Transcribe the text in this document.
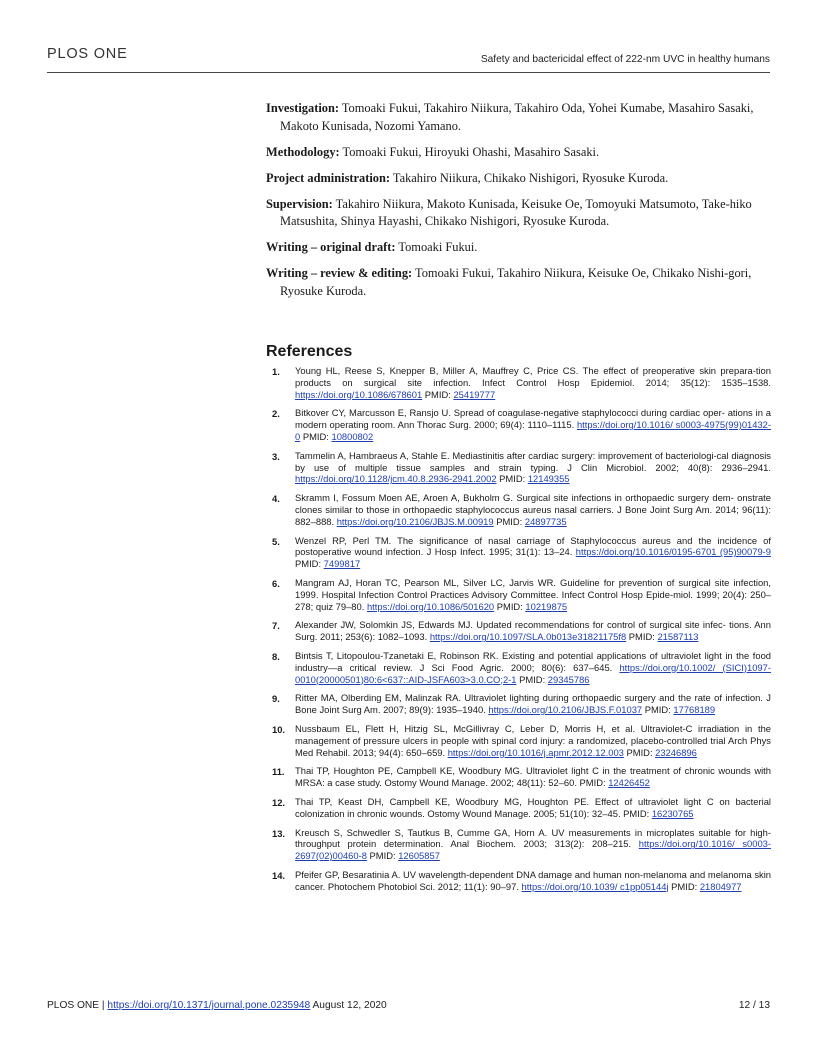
PLOS ONE	Safety and bactericidal effect of 222-nm UVC in healthy humans

Investigation: Tomoaki Fukui, Takahiro Niikura, Takahiro Oda, Yohei Kumabe, Masahiro Sasaki, Makoto Kunisada, Nozomi Yamano.

Methodology: Tomoaki Fukui, Hiroyuki Ohashi, Masahiro Sasaki.

Project administration: Takahiro Niikura, Chikako Nishigori, Ryosuke Kuroda.

Supervision: Takahiro Niikura, Makoto Kunisada, Keisuke Oe, Tomoyuki Matsumoto, Take-hiko Matsushita, Shinya Hayashi, Chikako Nishigori, Ryosuke Kuroda.

Writing – original draft: Tomoaki Fukui.

Writing – review & editing: Tomoaki Fukui, Takahiro Niikura, Keisuke Oe, Chikako Nishi-gori, Ryosuke Kuroda.

References
1.	Young HL, Reese S, Knepper B, Miller A, Mauffrey C, Price CS. The effect of preoperative skin prepara-tion products on surgical site infection. Infect Control Hosp Epidemiol. 2014; 35(12): 1535–1538. https://doi.org/10.1086/678601 PMID: 25419777
2.	Bitkover CY, Marcusson E, Ransjo U. Spread of coagulase-negative staphylococci during cardiac oper- ations in a modern operating room. Ann Thorac Surg. 2000; 69(4): 1110–1115. https://doi.org/10.1016/ s0003-4975(99)01432-0 PMID: 10800802
3.	Tammelin A, Hambraeus A, Stahle E. Mediastinitis after cardiac surgery: improvement of bacteriologi-cal diagnosis by use of multiple tissue samples and strain typing. J Clin Microbiol. 2002; 40(8): 2936–2941. https://doi.org/10.1128/jcm.40.8.2936-2941.2002 PMID: 12149355
4.	Skramm I, Fossum Moen AE, Aroen A, Bukholm G. Surgical site infections in orthopaedic surgery dem- onstrate clones similar to those in orthopaedic staphylococcus aureus nasal carriers. J Bone Joint Surg Am. 2014; 96(11): 882–888. https://doi.org/10.2106/JBJS.M.00919 PMID: 24897735
5.	Wenzel RP, Perl TM. The significance of nasal carriage of Staphylococcus aureus and the incidence of postoperative wound infection. J Hosp Infect. 1995; 31(1): 13–24. https://doi.org/10.1016/0195-6701 (95)90079-9 PMID: 7499817
6.	Mangram AJ, Horan TC, Pearson ML, Silver LC, Jarvis WR. Guideline for prevention of surgical site infection, 1999. Hospital Infection Control Practices Advisory Committee. Infect Control Hosp Epide-miol. 1999; 20(4): 250–278; quiz 79–80. https://doi.org/10.1086/501620 PMID: 10219875
7.	Alexander JW, Solomkin JS, Edwards MJ. Updated recommendations for control of surgical site infec- tions. Ann Surg. 2011; 253(6): 1082–1093. https://doi.org/10.1097/SLA.0b013e31821175f8 PMID: 21587113
8.	Bintsis T, Litopoulou-Tzanetaki E, Robinson RK. Existing and potential applications of ultraviolet light in the food industry—a critical review. J Sci Food Agric. 2000; 80(6): 637–645. https://doi.org/10.1002/ (SICI)1097-0010(20000501)80:6<637::AID-JSFA603>3.0.CO;2-1 PMID: 29345786
9.	Ritter MA, Olberding EM, Malinzak RA. Ultraviolet lighting during orthopaedic surgery and the rate of infection. J Bone Joint Surg Am. 2007; 89(9): 1935–1940. https://doi.org/10.2106/JBJS.F.01037 PMID: 17768189
10.	Nussbaum EL, Flett H, Hitzig SL, McGillivray C, Leber D, Morris H, et al. Ultraviolet-C irradiation in the management of pressure ulcers in people with spinal cord injury: a randomized, placebo-controlled trial Arch Phys Med Rehabil. 2013; 94(4): 650–659. https://doi.org/10.1016/j.apmr.2012.12.003 PMID: 23246896
11.	Thai TP, Houghton PE, Campbell KE, Woodbury MG. Ultraviolet light C in the treatment of chronic wounds with MRSA: a case study. Ostomy Wound Manage. 2002; 48(11): 52–60. PMID: 12426452
12.	Thai TP, Keast DH, Campbell KE, Woodbury MG, Houghton PE. Effect of ultraviolet light C on bacterial colonization in chronic wounds. Ostomy Wound Manage. 2005; 51(10): 32–45. PMID: 16230765
13.	Kreusch S, Schwedler S, Tautkus B, Cumme GA, Horn A. UV measurements in microplates suitable for high-throughput protein determination. Anal Biochem. 2003; 313(2): 208–215. https://doi.org/10.1016/ s0003-2697(02)00460-8 PMID: 12605857
14.	Pfeifer GP, Besaratinia A. UV wavelength-dependent DNA damage and human non-melanoma and melanoma skin cancer. Photochem Photobiol Sci. 2012; 11(1): 90–97. https://doi.org/10.1039/ c1pp05144j PMID: 21804977
PLOS ONE | https://doi.org/10.1371/journal.pone.0235948 August 12, 2020	12 / 13
